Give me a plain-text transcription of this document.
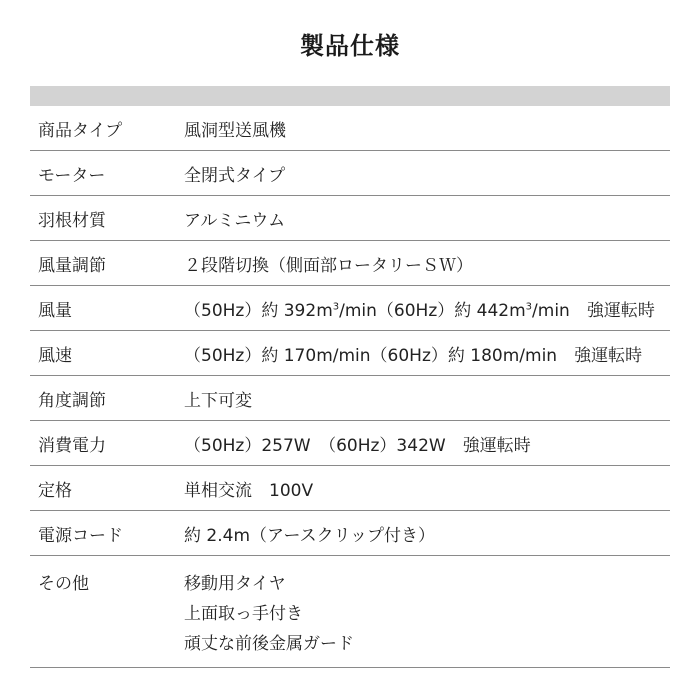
製品仕様
商品タイプ	風洞型送風機
モーター	全閉式タイプ
羽根材質	アルミニウム
風量調節	２段階切換（側面部ロータリーＳＷ）
風量	（50Hz）約 $392m^3/\min(60Hz)$約 $442m^3/\min$　強運転時
風速	（50Hz）約 170m/min（60Hz）約 180m/min　強運転時
角度調節	上下可変
消費電力	（50Hz）257W　（60Hz）342W　強運転時
定格	単相交流　100V
電源コード	約 2.4m（アースクリップ付き）
その他	移動用タイヤ
上面取っ手付き
頑丈な前後金属ガード
